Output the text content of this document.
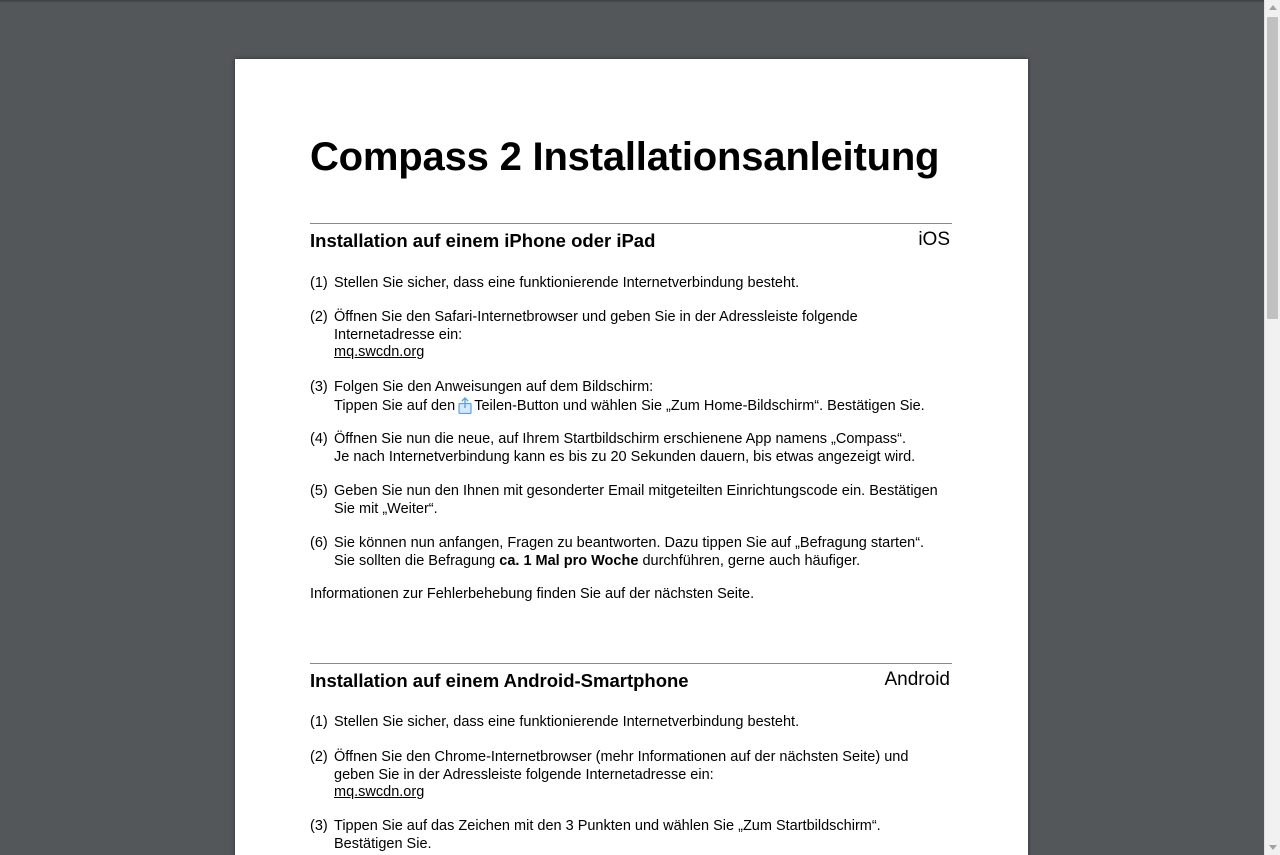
Compass 2 Installationsanleitung
Installation auf einem iPhone oder iPad	iOS
(1) Stellen Sie sicher, dass eine funktionierende Internetverbindung besteht.
(2) Öffnen Sie den Safari-Internetbrowser und geben Sie in der Adressleiste folgende
Internetadresse ein:
mq.swcdn.org
(3) Folgen Sie den Anweisungen auf dem Bildschirm:
Tippen Sie auf den Teilen-Button und wählen Sie „Zum Home-Bildschirm“. Bestätigen Sie.
(4) Öffnen Sie nun die neue, auf Ihrem Startbildschirm erschienene App namens „Compass“.
Je nach Internetverbindung kann es bis zu 20 Sekunden dauern, bis etwas angezeigt wird.
(5) Geben Sie nun den Ihnen mit gesonderter Email mitgeteilten Einrichtungscode ein. Bestätigen
Sie mit „Weiter“.
(6) Sie können nun anfangen, Fragen zu beantworten. Dazu tippen Sie auf „Befragung starten“.
Sie sollten die Befragung ca. 1 Mal pro Woche durchführen, gerne auch häufiger.
Informationen zur Fehlerbehebung finden Sie auf der nächsten Seite.
Installation auf einem Android-Smartphone	Android
(1) Stellen Sie sicher, dass eine funktionierende Internetverbindung besteht.
(2) Öffnen Sie den Chrome-Internetbrowser (mehr Informationen auf der nächsten Seite) und
geben Sie in der Adressleiste folgende Internetadresse ein:
mq.swcdn.org
(3) Tippen Sie auf das Zeichen mit den 3 Punkten und wählen Sie „Zum Startbildschirm“.
Bestätigen Sie.
